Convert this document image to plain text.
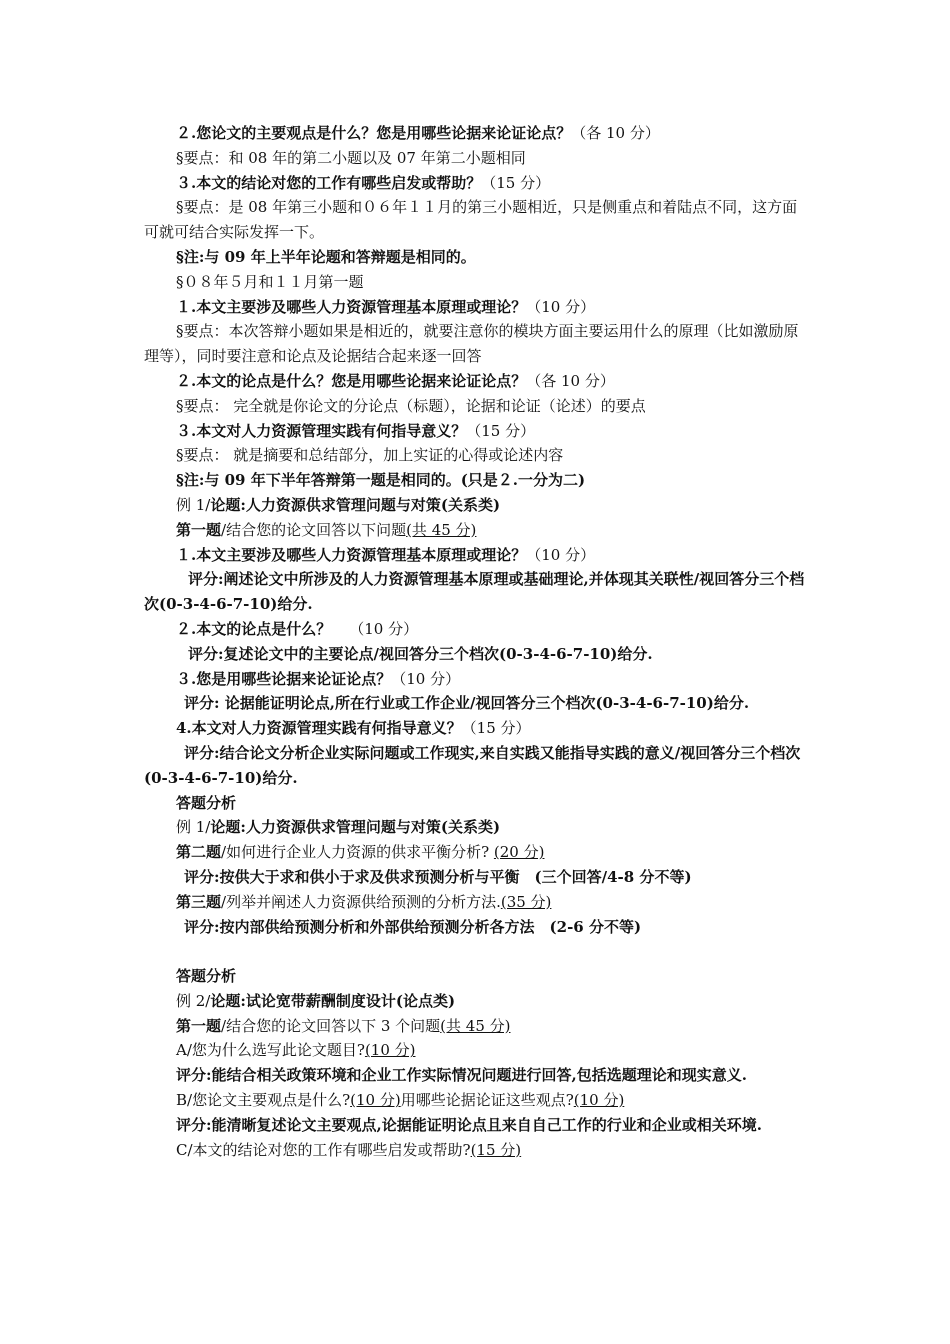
２.您论文的主要观点是什么？您是用哪些论据来论证论点？（各 10 分）

§要点：和 08 年的第二小题以及 07 年第二小题相同

３.本文的结论对您的工作有哪些启发或帮助？（15 分）

§要点：是 08 年第三小题和０６年１１月的第三小题相近，只是侧重点和着陆点不同，这方面可就可结合实际发挥一下。

§注:与 09 年上半年论题和答辩题是相同的。

§０８年５月和１１月第一题

１.本文主要涉及哪些人力资源管理基本原理或理论？（10 分）

§要点：本次答辩小题如果是相近的，就要注意你的模块方面主要运用什么的原理（比如激励原理等），同时要注意和论点及论据结合起来逐一回答

２.本文的论点是什么？您是用哪些论据来论证论点？（各 10 分）

§要点： 完全就是你论文的分论点（标题），论据和论证（论述）的要点

３.本文对人力资源管理实践有何指导意义？（15 分）

§要点： 就是摘要和总结部分，加上实证的心得或论述内容

§注:与 09 年下半年答辩第一题是相同的。(只是２.一分为二)

例 1/论题:人力资源供求管理问题与对策(关系类)

第一题/结合您的论文回答以下问题(共 45 分)

１.本文主要涉及哪些人力资源管理基本原理或理论？（10 分）

评分:阐述论文中所涉及的人力资源管理基本原理或基础理论,并体现其关联性/视回答分三个档次(0-3-4-6-7-10)给分.

２.本文的论点是什么？ （10 分）

评分:复述论文中的主要论点/视回答分三个档次(0-3-4-6-7-10)给分.

３.您是用哪些论据来论证论点？（10 分）

评分: 论据能证明论点,所在行业或工作企业/视回答分三个档次(0-3-4-6-7-10)给分.

4.本文对人力资源管理实践有何指导意义？（15 分）

评分:结合论文分析企业实际问题或工作现实,来自实践又能指导实践的意义/视回答分三个档次(0-3-4-6-7-10)给分.

答题分析

例 1/论题:人力资源供求管理问题与对策(关系类)

第二题/如何进行企业人力资源的供求平衡分析? (20 分)

评分:按供大于求和供小于求及供求预测分析与平衡　(三个回答/4-8 分不等)

第三题/列举并阐述人力资源供给预测的分析方法.(35 分)

评分:按内部供给预测分析和外部供给预测分析各方法　(2-6 分不等)

答题分析

例 2/论题:试论宽带薪酬制度设计(论点类)

第一题/结合您的论文回答以下 3 个问题(共 45 分)

A/您为什么选写此论文题目?(10 分)

评分:能结合相关政策环境和企业工作实际情况问题进行回答,包括选题理论和现实意义.

B/您论文主要观点是什么?(10 分)用哪些论据论证这些观点?(10 分)

评分:能清晰复述论文主要观点,论据能证明论点且来自自己工作的行业和企业或相关环境.

C/本文的结论对您的工作有哪些启发或帮助?(15 分)
